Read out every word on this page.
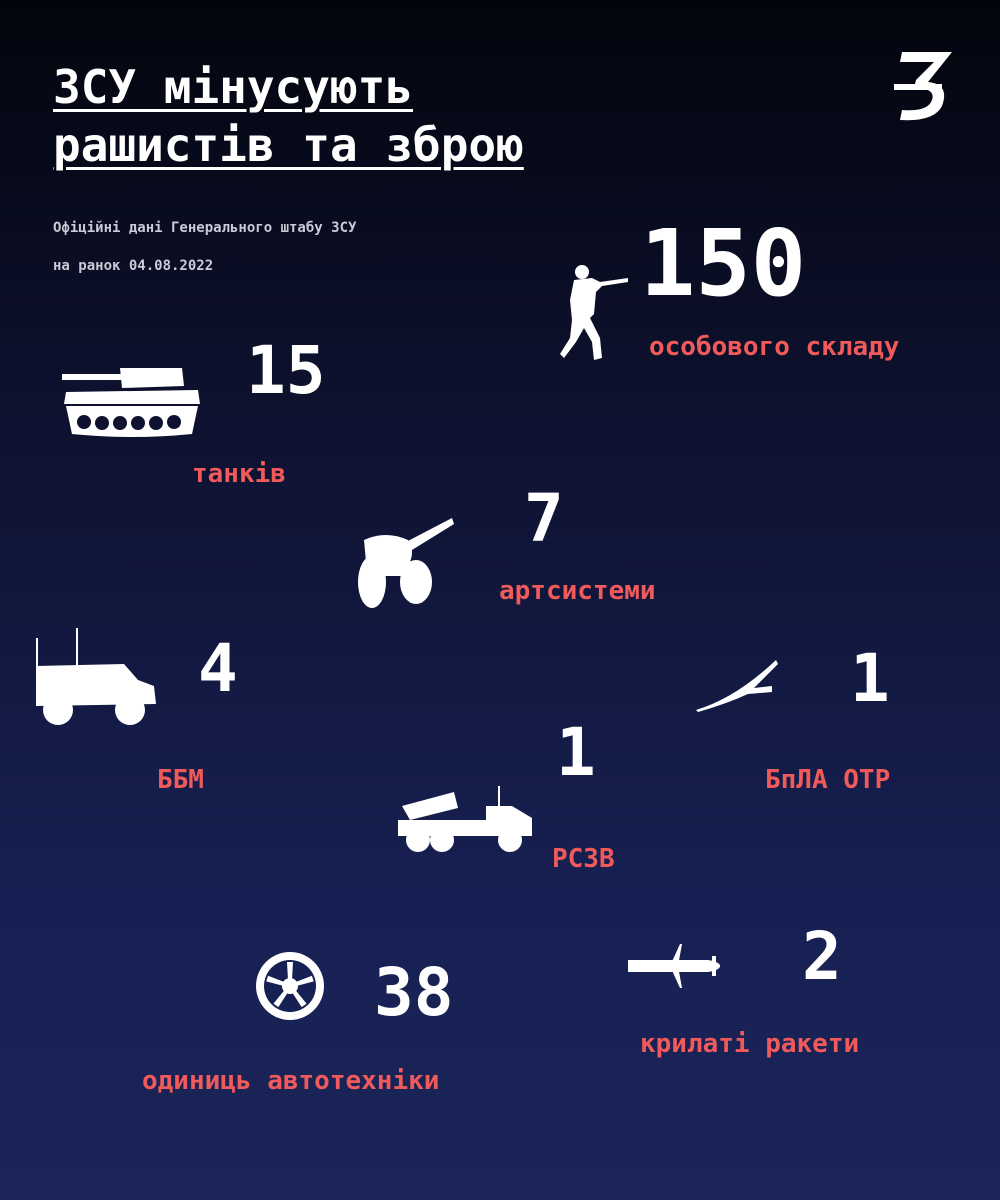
ЗСУ мінусують
рашистів та зброю
Офіційні дані Генерального штабу ЗСУ
на ранок 04.08.2022	150
особового складу
15
танків
7
артсистеми
4
ББМ
1
БпЛА ОТР
1
РСЗВ
38
одиниць автотехніки
2
крилаті ракети
